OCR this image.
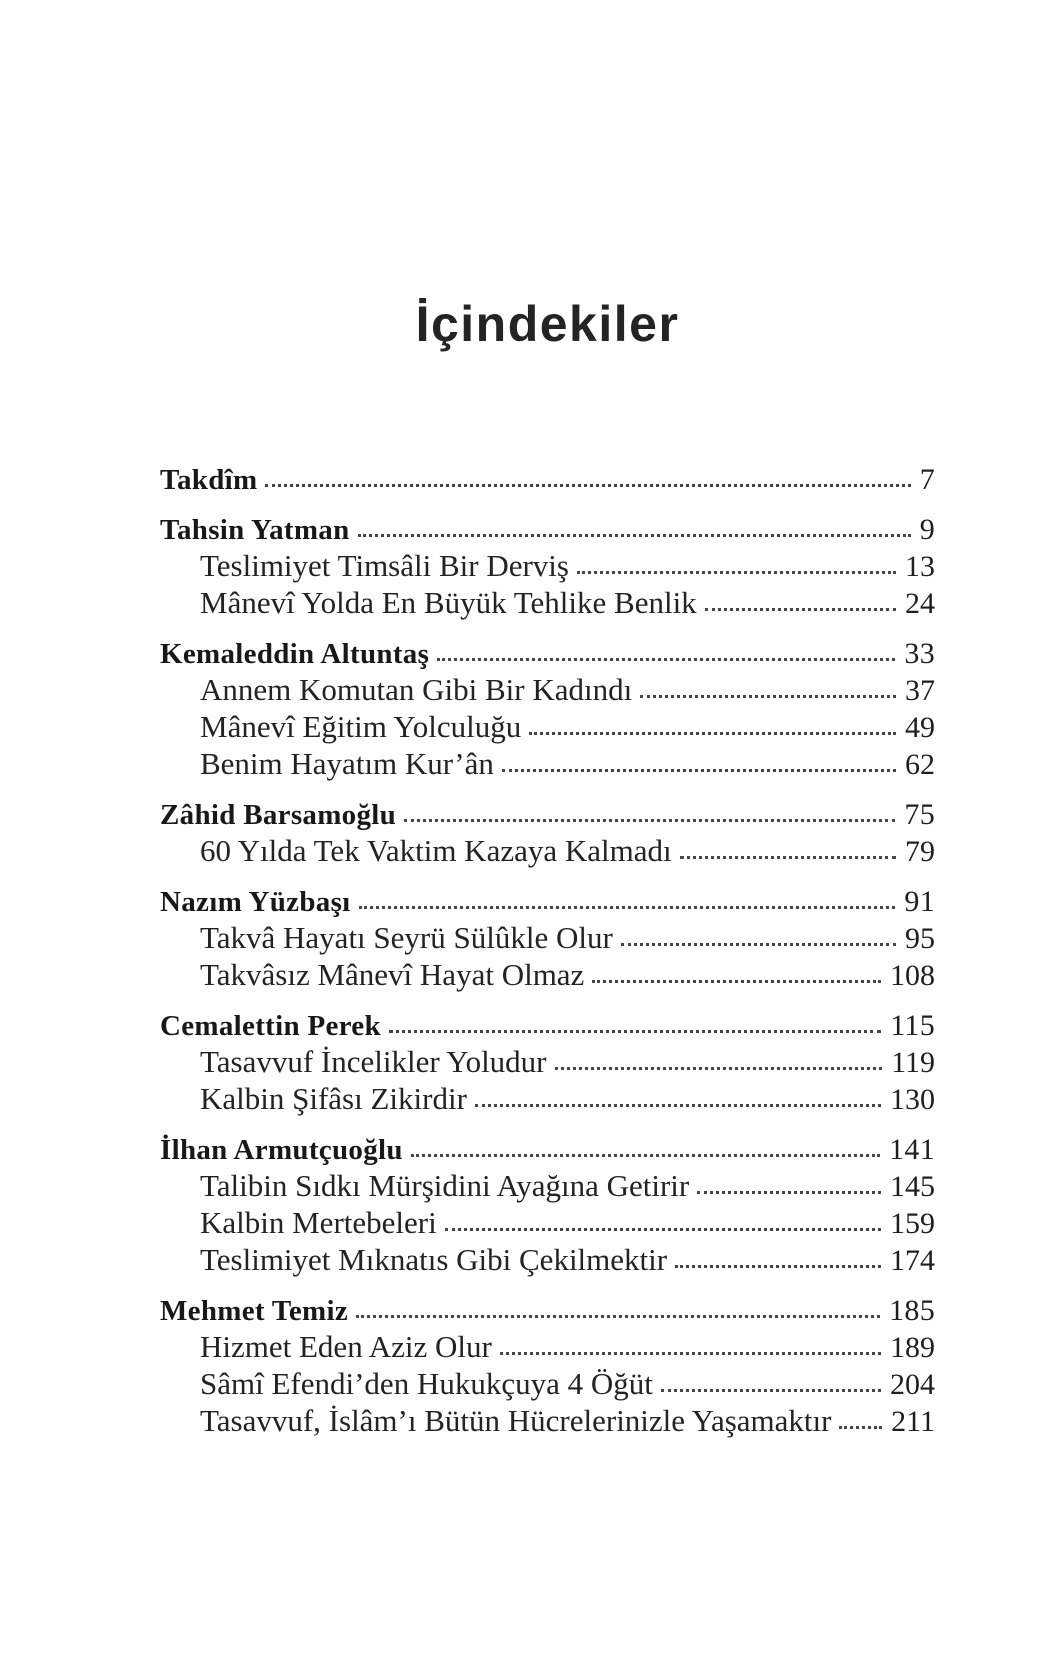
İçindekiler
Takdîm	7
Tahsin Yatman	9
Teslimiyet Timsâli Bir Derviş	13
Mânevî Yolda En Büyük Tehlike Benlik	24
Kemaleddin Altuntaş	33
Annem Komutan Gibi Bir Kadındı	37
Mânevî Eğitim Yolculuğu	49
Benim Hayatım Kur’ân	62
Zâhid Barsamoğlu	75
60 Yılda Tek Vaktim Kazaya Kalmadı	79
Nazım Yüzbaşı	91
Takvâ Hayatı Seyrü Sülûkle Olur	95
Takvâsız Mânevî Hayat Olmaz	108
Cemalettin Perek	115
Tasavvuf İncelikler Yoludur	119
Kalbin Şifâsı Zikirdir	130
İlhan Armutçuoğlu	141
Talibin Sıdkı Mürşidini Ayağına Getirir	145
Kalbin Mertebeleri	159
Teslimiyet Mıknatıs Gibi Çekilmektir	174
Mehmet Temiz	185
Hizmet Eden Aziz Olur	189
Sâmî Efendi’den Hukukçuya 4 Öğüt	204
Tasavvuf, İslâm’ı Bütün Hücrelerinizle Yaşamaktır 211
